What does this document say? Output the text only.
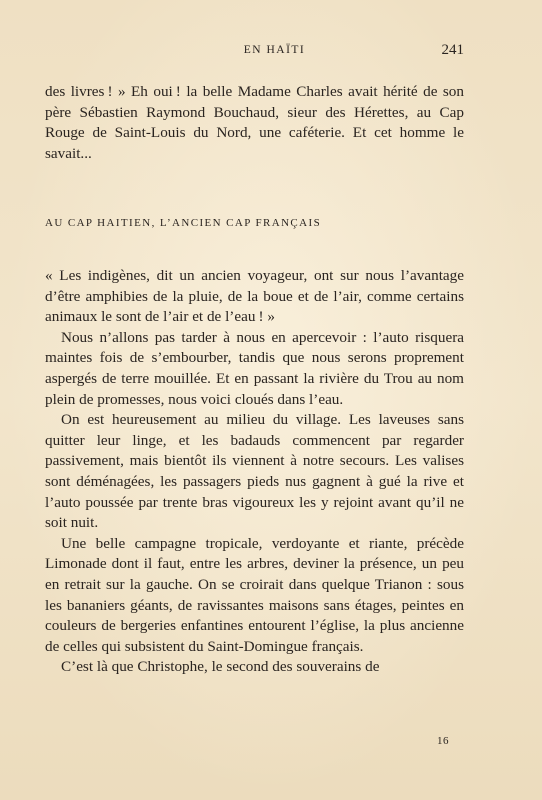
EN HAÏTI	241

des livres ! » Eh oui ! la belle Madame Charles avait hérité de son père Sébastien Raymond Bouchaud, sieur des Hérettes, au Cap Rouge de Saint-Louis du Nord, une caféterie. Et cet homme le savait...

AU CAP HAITIEN, L’ANCIEN CAP FRANÇAIS

« Les indigènes, dit un ancien voyageur, ont sur nous l’avantage d’être amphibies de la pluie, de la boue et de l’air, comme certains animaux le sont de l’air et de l’eau ! »

Nous n’allons pas tarder à nous en apercevoir : l’auto risquera maintes fois de s’embourber, tandis que nous serons proprement aspergés de terre mouillée. Et en passant la rivière du Trou au nom plein de promesses, nous voici cloués dans l’eau.

On est heureusement au milieu du village. Les laveuses sans quitter leur linge, et les badauds commencent par regarder passivement, mais bientôt ils viennent à notre secours. Les valises sont déménagées, les passagers pieds nus gagnent à gué la rive et l’auto poussée par trente bras vigoureux les y rejoint avant qu’il ne soit nuit.

Une belle campagne tropicale, verdoyante et riante, précède Limonade dont il faut, entre les arbres, deviner la présence, un peu en retrait sur la gauche. On se croirait dans quelque Trianon : sous les bananiers géants, de ravissantes maisons sans étages, peintes en couleurs de bergeries enfantines entourent l’église, la plus ancienne de celles qui subsistent du Saint-Domingue français.

C’est là que Christophe, le second des souverains de

16
